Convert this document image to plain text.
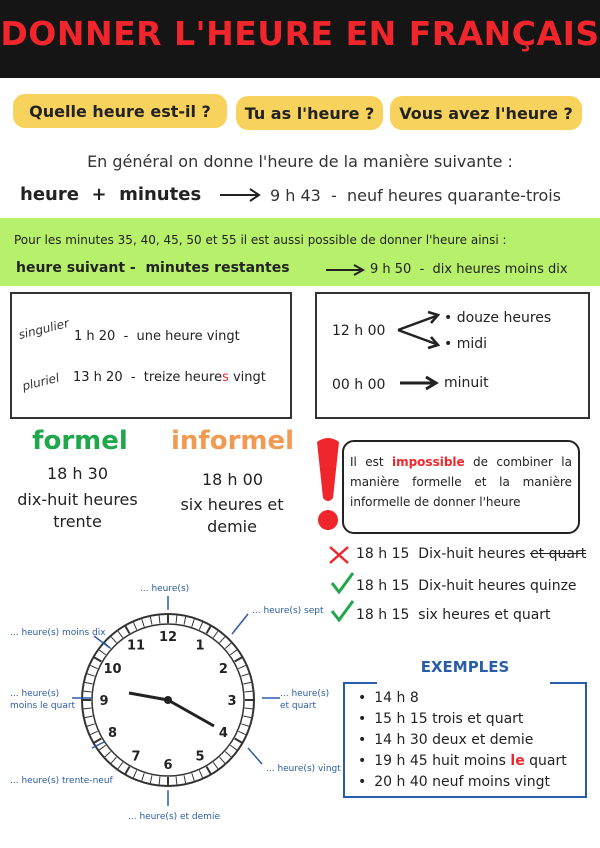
DONNER L'HEURE EN FRANÇAIS
Quelle heure est-il ?	Tu as l'heure ?	Vous avez l'heure ?
En général on donne l'heure de la manière suivante :
heure  +  minutes	9 h 43  -  neuf heures quarante-trois
Pour les minutes 35, 40, 45, 50 et 55 il est aussi possible de donner l'heure ainsi :
heure suivant -  minutes restantes	9 h 50  -  dix heures moins dix
singulier 1 h 20  -  une heure vingt
pluriel 13 h 20  -  treize heures vingt
12 h 00
• douze heures
• midi
00 h 00	minuit
formel
18 h 30
dix-huit heures trente
informel
18 h 00
six heures et demie
Il est impossible de combiner la manière formelle et la manière informelle de donner l'heure
18 h 15  Dix-huit heures et quart
18 h 15  Dix-huit heures quinze
18 h 15  six heures et quart
12
1
2
3
4
5
6
7
8
9
10
11
... heure(s)
... heure(s) sept
... heure(s) moins dix
... heure(s) moins le quart
... heure(s) et quart
... heure(s) trente-neuf
... heure(s) vingt
... heure(s) et demie
EXEMPLES
• 14 h 8
• 15 h 15 trois et quart
• 14 h 30 deux et demie
• 19 h 45 huit moins le quart
• 20 h 40 neuf moins vingt
